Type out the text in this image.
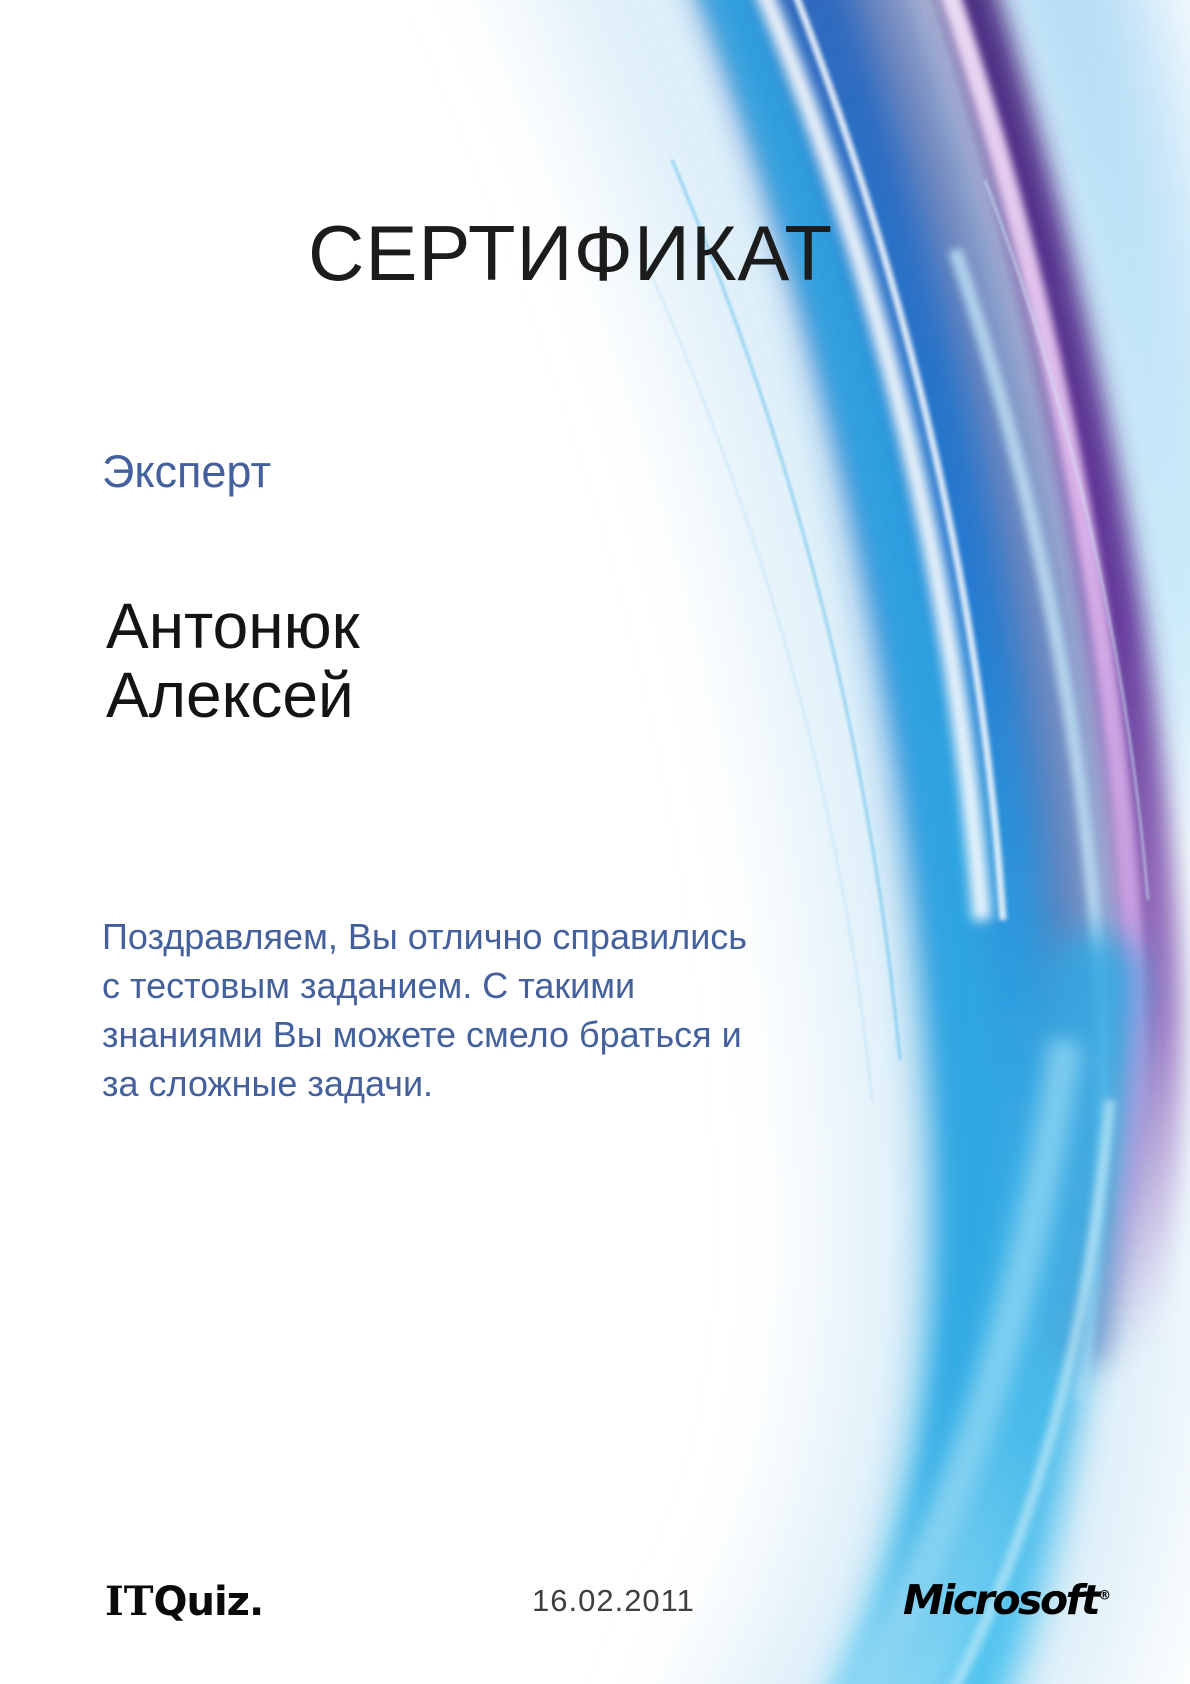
СЕРТИФИКАТ
Эксперт
Антонюк
Алексей
Поздравляем, Вы отлично справились
с тестовым заданием. С такими
знаниями Вы можете смело браться и
за сложные задачи.
ITQuiz.	16.02.2011	Microsoft®
